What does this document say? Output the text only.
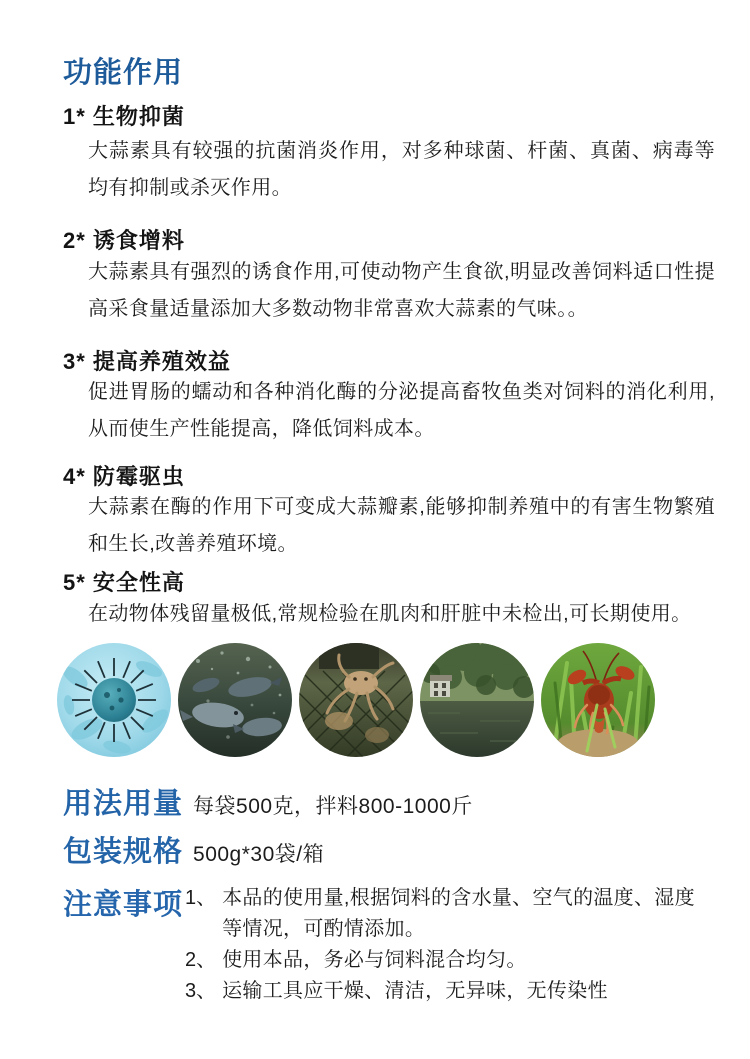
功能作用
1* 生物抑菌
大蒜素具有较强的抗菌消炎作用，对多种球菌、杆菌、真菌、病毒等均有抑制或杀灭作用。
2* 诱食增料
大蒜素具有强烈的诱食作用,可使动物产生食欲,明显改善饲料适口性提高采食量适量添加大多数动物非常喜欢大蒜素的气味。。
3* 提高养殖效益
促进胃肠的蠕动和各种消化酶的分泌提高畜牧鱼类对饲料的消化利用,从而使生产性能提高，降低饲料成本。
4* 防霉驱虫
大蒜素在酶的作用下可变成大蒜瓣素,能够抑制养殖中的有害生物繁殖和生长,改善养殖环境。
5* 安全性高
在动物体残留量极低,常规检验在肌肉和肝脏中未检出,可长期使用。
用法用量 每袋500克，拌料800-1000斤
包装规格 500g*30袋/箱
注意事项 1、 本品的使用量,根据饲料的含水量、空气的温度、湿度等情况，可酌情添加。
2、 使用本品，务必与饲料混合均匀。
3、 运输工具应干燥、清洁，无异味，无传染性
